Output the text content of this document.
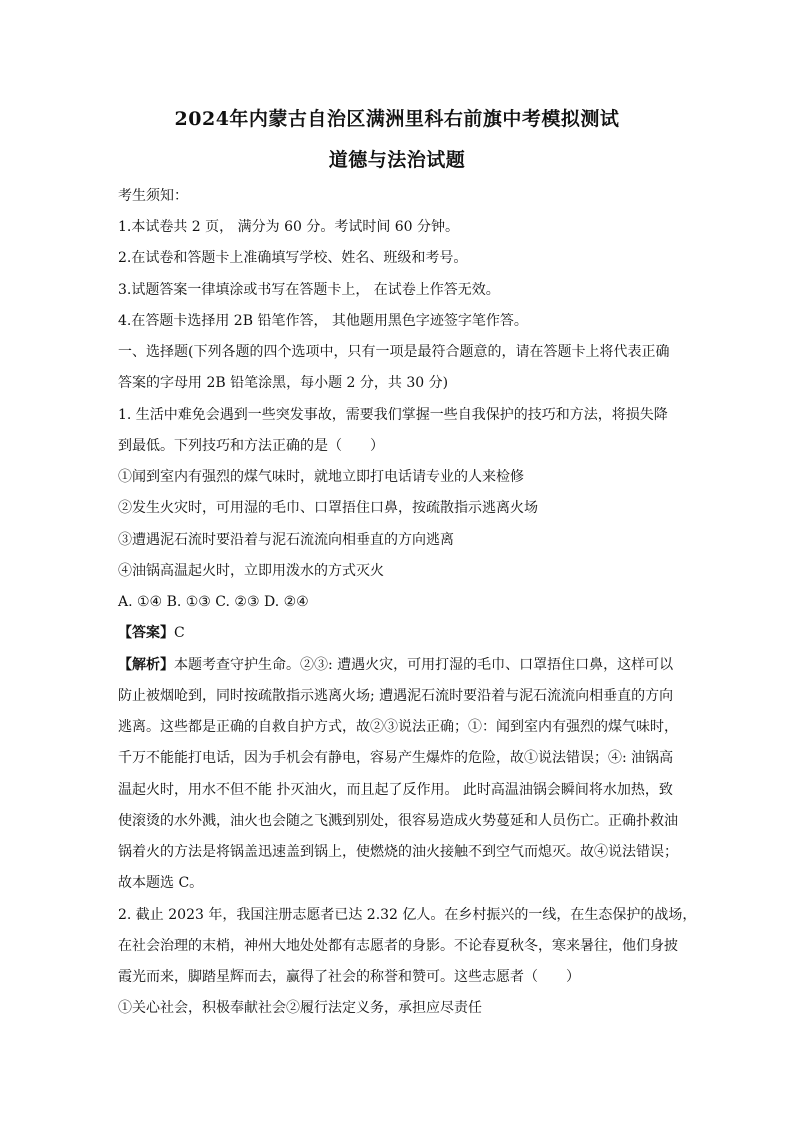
2024年内蒙古自治区满洲里科右前旗中考模拟测试
道德与法治试题
考生须知：
1.本试卷共 2 页， 满分为 60 分。考试时间 60 分钟。
2.在试卷和答题卡上准确填写学校、姓名、班级和考号。
3.试题答案一律填涂或书写在答题卡上， 在试卷上作答无效。
4.在答题卡选择用 2B 铅笔作答， 其他题用黑色字迹签字笔作答。
一、选择题(下列各题的四个选项中，只有一项是最符合题意的，请在答题卡上将代表正确
答案的字母用 2B 铅笔涂黑，每小题 2 分，共 30 分)
1. 生活中难免会遇到一些突发事故，需要我们掌握一些自我保护的技巧和方法，将损失降
到最低。下列技巧和方法正确的是（　　）
①闻到室内有强烈的煤气味时，就地立即打电话请专业的人来检修
②发生火灾时，可用湿的毛巾、口罩捂住口鼻，按疏散指示逃离火场
③遭遇泥石流时要沿着与泥石流流向相垂直的方向逃离
④油锅高温起火时，立即用泼水的方式灭火
A. ①④ B. ①③ C. ②③ D. ②④
【答案】C
【解析】本题考查守护生命。②③: 遭遇火灾，可用打湿的毛巾、口罩捂住口鼻，这样可以
防止被烟呛到，同时按疏散指示逃离火场; 遭遇泥石流时要沿着与泥石流流向相垂直的方向
逃离。这些都是正确的自救自护方式，故②③说法正确；①：闻到室内有强烈的煤气味时，
千万不能能打电话，因为手机会有静电，容易产生爆炸的危险，故①说法错误；④: 油锅高
温起火时，用水不但不能 扑灭油火，而且起了反作用。 此时高温油锅会瞬间将水加热，致
使滚烫的水外溅，油火也会随之飞溅到别处，很容易造成火势蔓延和人员伤亡。正确扑救油
锅着火的方法是将锅盖迅速盖到锅上，使燃烧的油火接触不到空气而熄灭。故④说法错误；
故本题选 C。
2. 截止 2023 年，我国注册志愿者已达 2.32 亿人。在乡村振兴的一线，在生态保护的战场，
在社会治理的末梢，神州大地处处都有志愿者的身影。不论春夏秋冬，寒来暑往，他们身披
霞光而来，脚踏星辉而去，赢得了社会的称誉和赞可。这些志愿者（　　）
①关心社会，积极奉献社会②履行法定义务，承担应尽责任
